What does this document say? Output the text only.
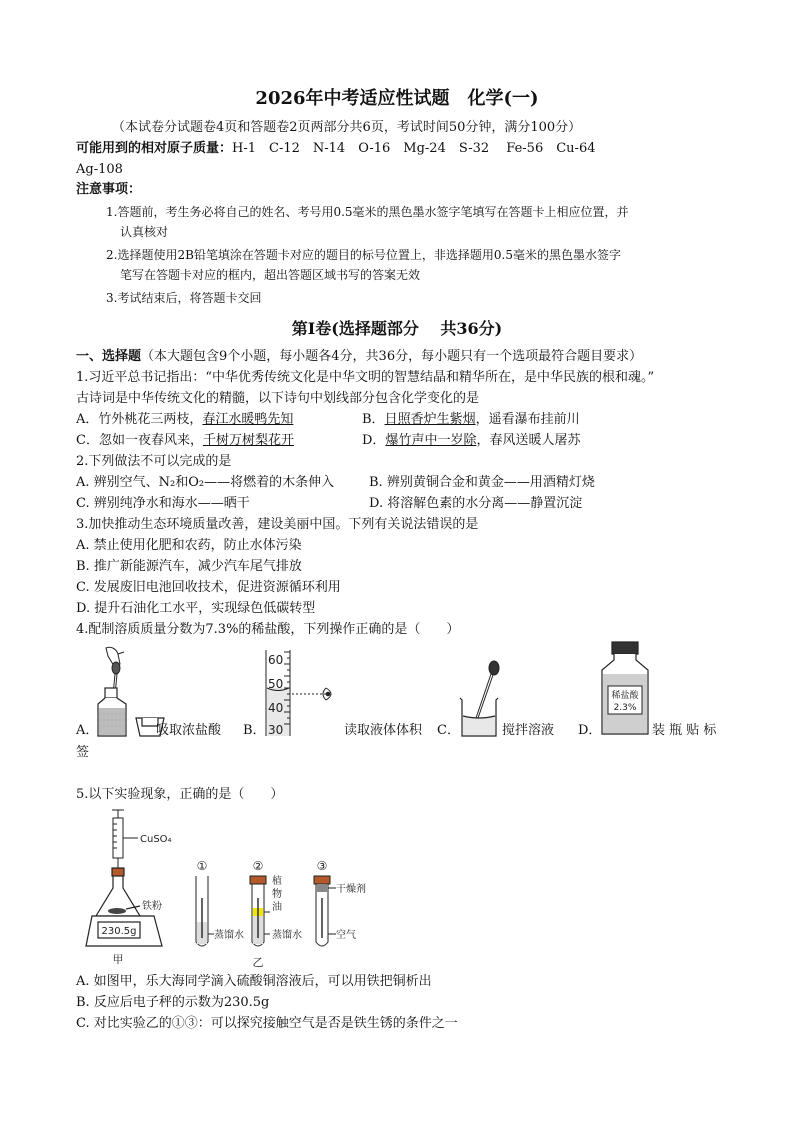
2026年中考适应性试题　化学(一)
（本试卷分试题卷4页和答题卷2页两部分共6页，考试时间50分钟，满分100分）
可能用到的相对原子质量：H-1　C-12　N-14　O-16　Mg-24　S-32　 Fe-56　Cu-64
Ag-108
注意事项：
1.答题前，考生务必将自己的姓名、考号用0.5毫米的黑色墨水签字笔填写在答题卡上相应位置，并
认真核对
2.选择题使用2B铅笔填涂在答题卡对应的题目的标号位置上，非选择题用0.5毫米的黑色墨水签字
笔写在答题卡对应的框内，超出答题区域书写的答案无效
3.考试结束后，将答题卡交回
第Ⅰ卷(选择题部分　 共36分)
一、选择题（本大题包含9个小题，每小题各4分，共36分，每小题只有一个选项最符合题目要求）
1.习近平总书记指出：“中华优秀传统文化是中华文明的智慧结晶和精华所在，是中华民族的根和魂。”
古诗词是中华传统文化的精髓，以下诗句中划线部分包含化学变化的是
A．竹外桃花三两枝，春江水暖鸭先知	B．日照香炉生紫烟，遥看瀑布挂前川
C．忽如一夜春风来，千树万树梨花开	D．爆竹声中一岁除，春风送暖人屠苏
2.下列做法不可以完成的是
A. 辨别空气、N₂和O₂——将燃着的木条伸入	B. 辨别黄铜合金和黄金——用酒精灯烧
C. 辨别纯净水和海水——晒干	D. 将溶解色素的水分离——静置沉淀
3.加快推动生态环境质量改善，建设美丽中国。下列有关说法错误的是
A. 禁止使用化肥和农药，防止水体污染
B. 推广新能源汽车，减少汽车尾气排放
C. 发展废旧电池回收技术，促进资源循环利用
D. 提升石油化工水平，实现绿色低碳转型
4.配制溶质质量分数为7.3%的稀盐酸，下列操作正确的是（　　）
A．	吸取浓盐酸 B．
60
50
40
30	读取液体体积 C．	搅拌溶液 D．
稀盐酸
2.3%
装 瓶 贴 标
签
5.以下实验现象，正确的是（　　）
CuSO₄
铁粉
230.5g
甲
①	②	③
蒸馏水
植
物
油
蒸馏水
干燥剂
空气
乙
A. 如图甲，乐大海同学滴入硫酸铜溶液后，可以用铁把铜析出
B. 反应后电子秤的示数为230.5g
C. 对比实验乙的①③：可以探究接触空气是否是铁生锈的条件之一
